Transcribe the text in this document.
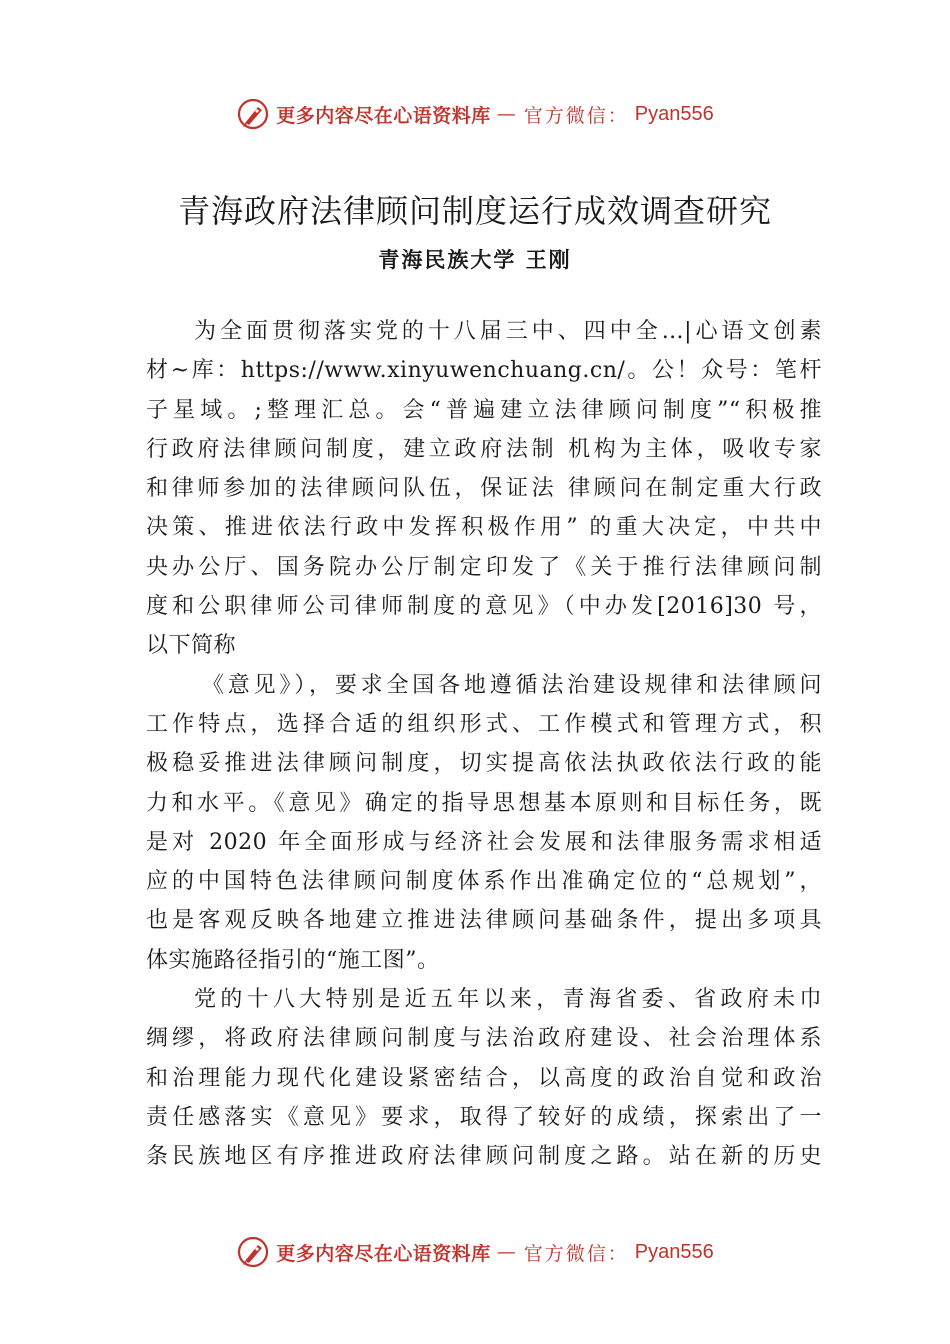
更多内容尽在心语资料库 — 官方微信： Pyan556
青海政府法律顾问制度运行成效调查研究
青海民族大学 王刚
为全面贯彻落实党的十八届三中、四中全…|心语文创素
材~库：https://www.xinyuwenchuang.cn/。公！众号：笔杆
子星域。;整理汇总。会“普遍建立法律顾问制度”“积极推
行政府法律顾问制度，建立政府法制 机构为主体，吸收专家
和律师参加的法律顾问队伍，保证法 律顾问在制定重大行政
决策、推进依法行政中发挥积极作用” 的重大决定，中共中
央办公厅、国务院办公厅制定印发了《关于推行法律顾问制
度和公职律师公司律师制度的意见》（中办发[2016]30 号，
以下简称
《意见》），要求全国各地遵循法治建设规律和法律顾问
工作特点，选择合适的组织形式、工作模式和管理方式，积
极稳妥推进法律顾问制度，切实提高依法执政依法行政的能
力和水平。《意见》确定的指导思想基本原则和目标任务，既
是对 2020 年全面形成与经济社会发展和法律服务需求相适
应的中国特色法律顾问制度体系作出准确定位的“总规划”，
也是客观反映各地建立推进法律顾问基础条件，提出多项具
体实施路径指引的“施工图”。
党的十八大特别是近五年以来，青海省委、省政府未巾
绸缪，将政府法律顾问制度与法治政府建设、社会治理体系
和治理能力现代化建设紧密结合，以高度的政治自觉和政治
责任感落实《意见》要求，取得了较好的成绩，探索出了一
条民族地区有序推进政府法律顾问制度之路。站在新的历史
更多内容尽在心语资料库 — 官方微信： Pyan556
